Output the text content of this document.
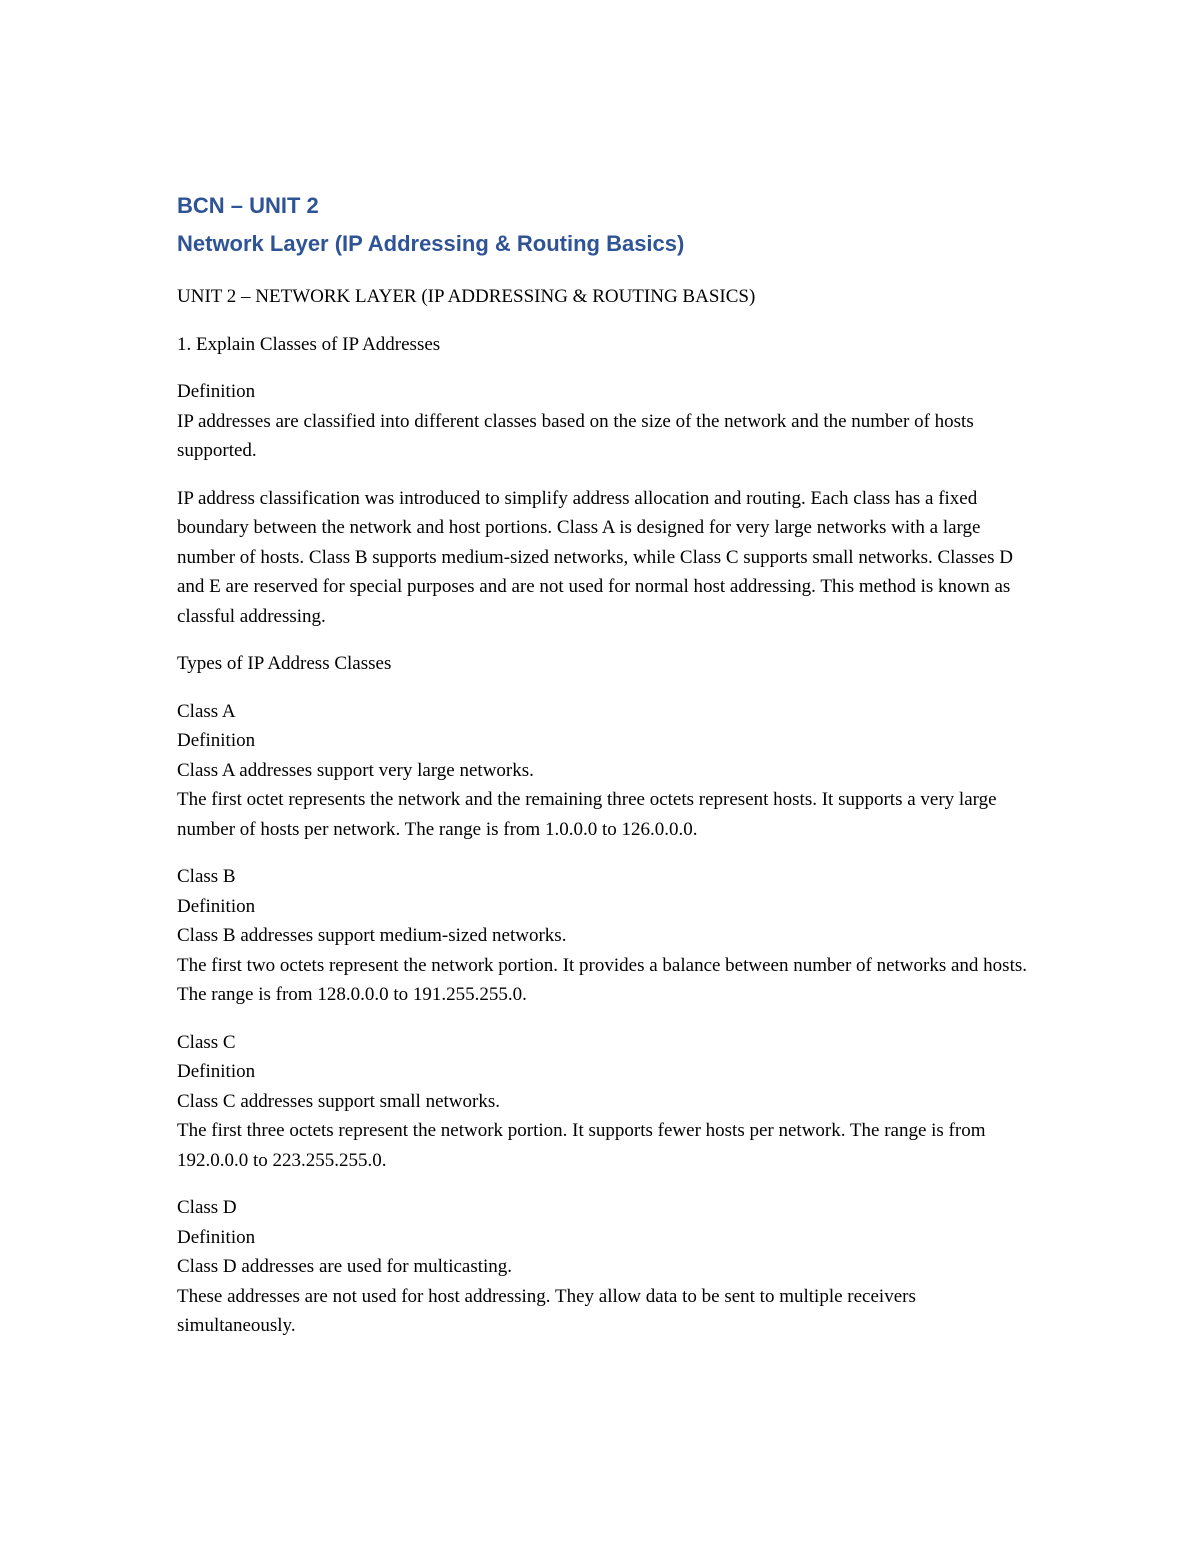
BCN – UNIT 2
Network Layer (IP Addressing & Routing Basics)

UNIT 2 – NETWORK LAYER (IP ADDRESSING & ROUTING BASICS)

1. Explain Classes of IP Addresses

Definition

IP addresses are classified into different classes based on the size of the network and the number of hosts supported.

IP address classification was introduced to simplify address allocation and routing. Each class has a fixed boundary between the network and host portions. Class A is designed for very large networks with a large number of hosts. Class B supports medium-sized networks, while Class C supports small networks. Classes D and E are reserved for special purposes and are not used for normal host addressing. This method is known as classful addressing.

Types of IP Address Classes

Class A

Definition

Class A addresses support very large networks.

The first octet represents the network and the remaining three octets represent hosts. It supports a very large number of hosts per network. The range is from 1.0.0.0 to 126.0.0.0.

Class B

Definition

Class B addresses support medium-sized networks.

The first two octets represent the network portion. It provides a balance between number of networks and hosts. The range is from 128.0.0.0 to 191.255.255.0.

Class C

Definition

Class C addresses support small networks.

The first three octets represent the network portion. It supports fewer hosts per network. The range is from 192.0.0.0 to 223.255.255.0.

Class D

Definition

Class D addresses are used for multicasting.

These addresses are not used for host addressing. They allow data to be sent to multiple receivers simultaneously.
